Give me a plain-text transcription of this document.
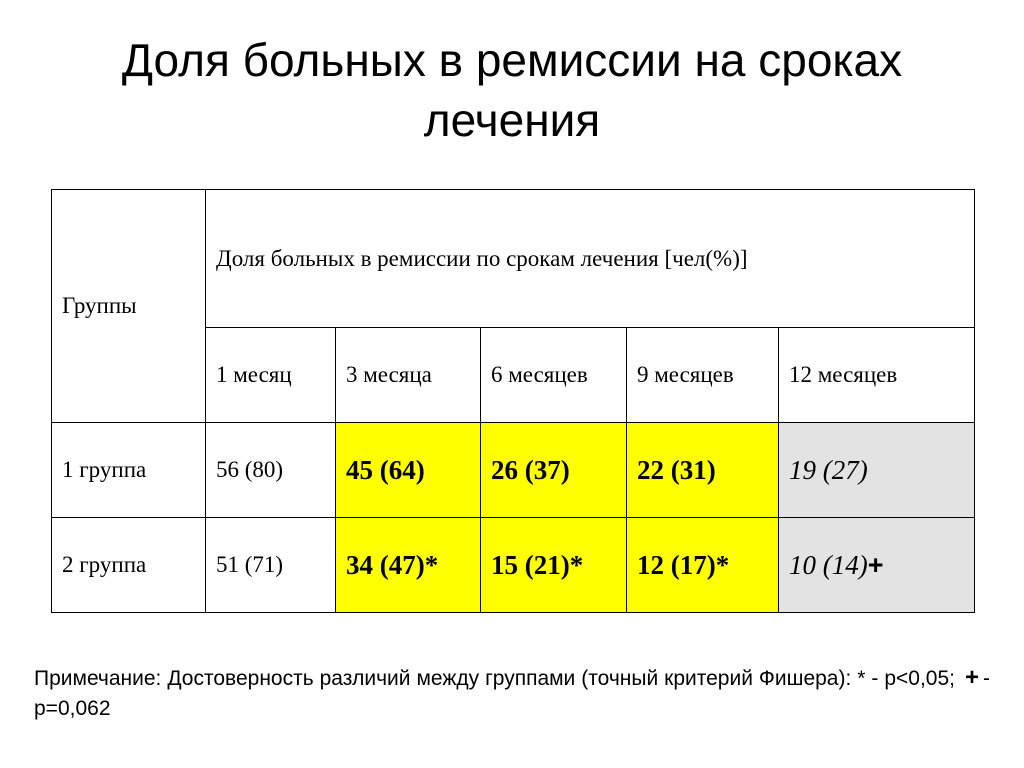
Доля больных в ремиссии на сроках лечения
Группы	Доля больных в ремиссии по срокам лечения [чел(%)]				
	1 месяц	3 месяца	6 месяцев	9 месяцев	12 месяцев
1 группа	56 (80)	45 (64)	26 (37)	22 (31)	19 (27)
2 группа	51 (71)	34 (47)*	15 (21)*	12 (17)*	10 (14)+

Примечание: Достоверность различий между группами (точный критерий Фишера): * - p<0,05; + - p=0,062
